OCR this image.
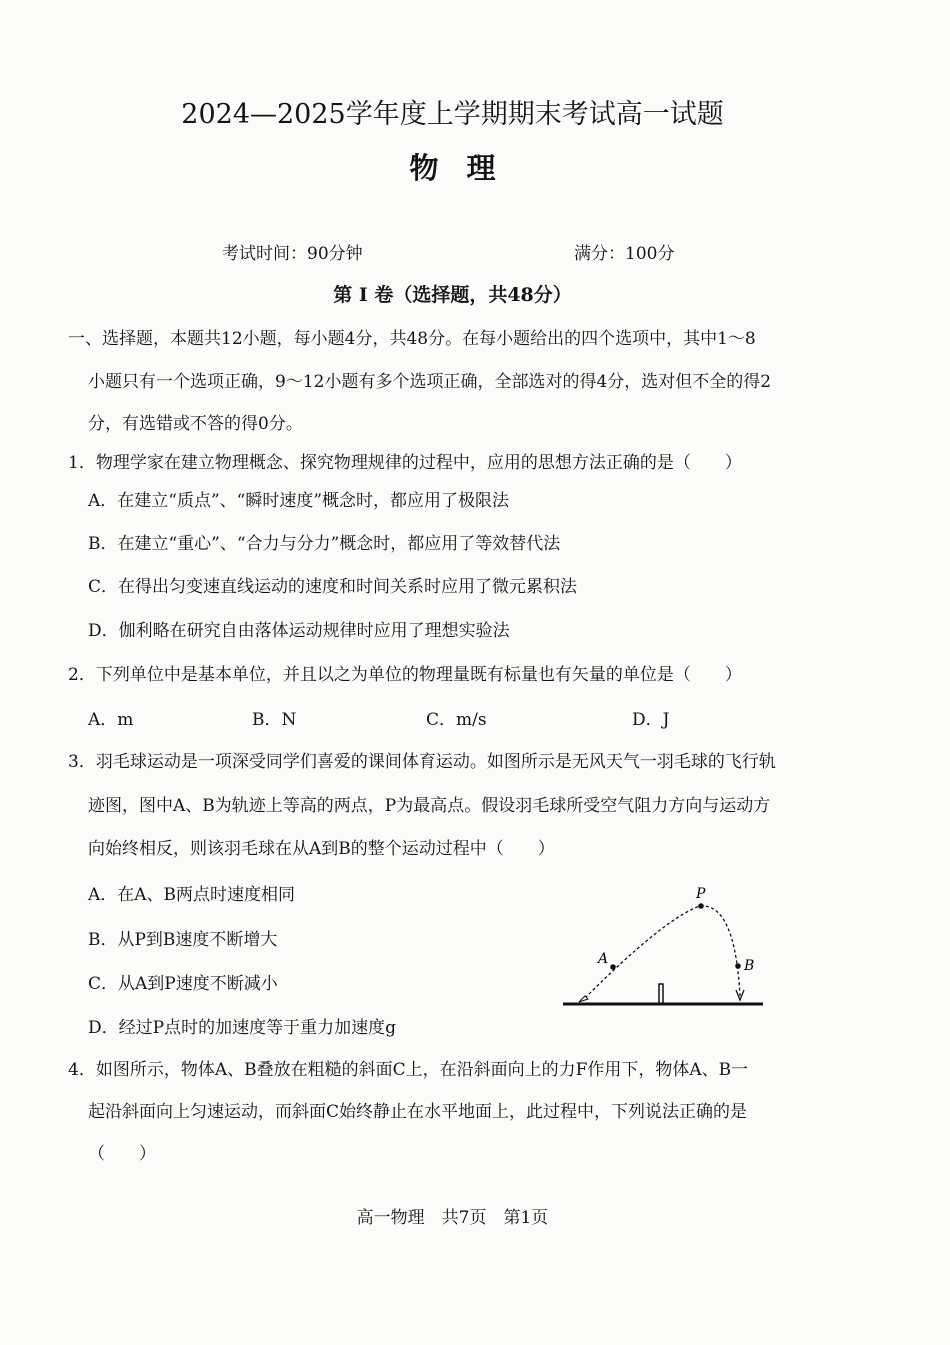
2024—2025学年度上学期期末考试高一试题
物理
考试时间：90分钟	满分：100分
第 Ⅰ 卷（选择题，共48分）
一、选择题，本题共12小题，每小题4分，共48分。在每小题给出的四个选项中，其中1～8
小题只有一个选项正确，9～12小题有多个选项正确，全部选对的得4分，选对但不全的得2
分，有选错或不答的得0分。
1．物理学家在建立物理概念、探究物理规律的过程中，应用的思想方法正确的是（　　）
A．在建立“质点”、“瞬时速度”概念时，都应用了极限法
B．在建立“重心”、“合力与分力”概念时，都应用了等效替代法
C．在得出匀变速直线运动的速度和时间关系时应用了微元累积法
D．伽利略在研究自由落体运动规律时应用了理想实验法
2．下列单位中是基本单位，并且以之为单位的物理量既有标量也有矢量的单位是（　　）
A．m	B．N	C．m/s	D．J
3．羽毛球运动是一项深受同学们喜爱的课间体育运动。如图所示是无风天气一羽毛球的飞行轨
迹图，图中A、B为轨迹上等高的两点，P为最高点。假设羽毛球所受空气阻力方向与运动方
向始终相反，则该羽毛球在从A到B的整个运动过程中（　　）
A．在A、B两点时速度相同
B．从P到B速度不断增大
C．从A到P速度不断减小
D．经过P点时的加速度等于重力加速度g
A
P
B
4．如图所示，物体A、B叠放在粗糙的斜面C上，在沿斜面向上的力F作用下，物体A、B一
起沿斜面向上匀速运动，而斜面C始终静止在水平地面上，此过程中，下列说法正确的是
（　　）
高一物理　共7页　第1页
